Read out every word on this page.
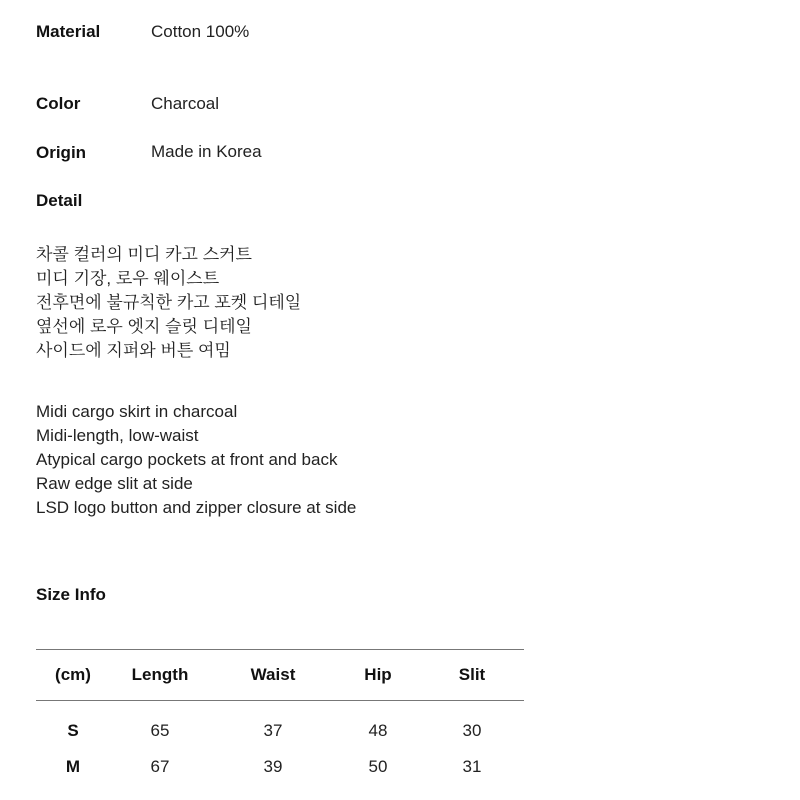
Material	Cotton 100%
Color	Charcoal
Origin	Made in Korea
Detail
차콜 컬러의 미디 카고 스커트
미디 기장, 로우 웨이스트
전후면에 불규칙한 카고 포켓 디테일
옆선에 로우 엣지 슬릿 디테일
사이드에 지퍼와 버튼 여밈
Midi cargo skirt in charcoal
Midi-length, low-waist
Atypical cargo pockets at front and back
Raw edge slit at side
LSD logo button and zipper closure at side
Size Info
(cm)	Length	Waist	Hip	Slit
S	65	37	48	30
M	67	39	50	31
